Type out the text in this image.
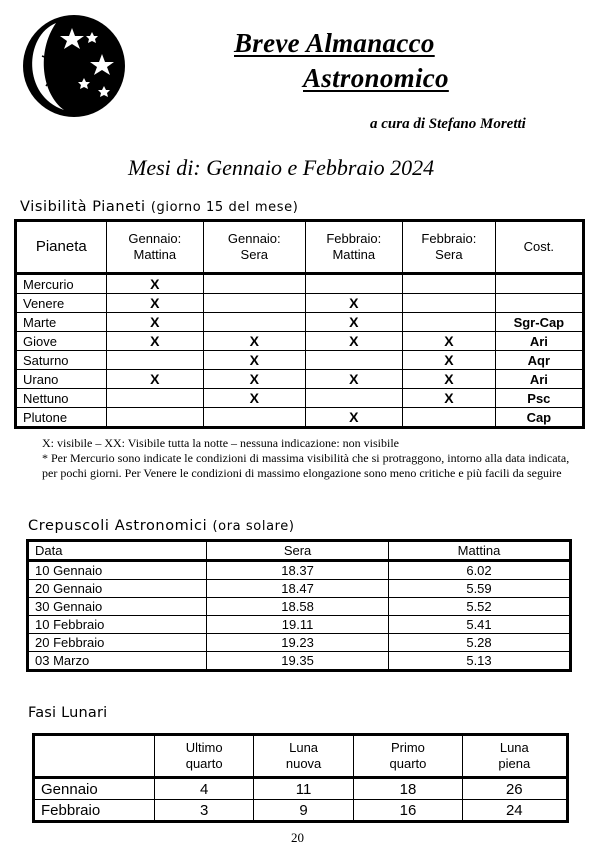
Breve Almanacco
Astronomico
a cura di Stefano Moretti
Mesi di: Gennaio e Febbraio 2024
Visibilità Pianeti (giorno 15 del mese)
Pianeta	Gennaio: Mattina	Gennaio: Sera	Febbraio: Mattina	Febbraio: Sera	Cost.
Mercurio	X				
Venere	X		X		
Marte	X		X		Sgr-Cap
Giove	X	X	X	X	Ari
Saturno		X		X	Aqr
Urano	X	X	X	X	Ari
Nettuno		X		X	Psc
Plutone			X		Cap
X: visibile – XX: Visibile tutta la notte – nessuna indicazione: non visibile
* Per Mercurio sono indicate le condizioni di massima visibilità che si protraggono, intorno alla data indicata, per pochi giorni. Per Venere le condizioni di massimo elongazione sono meno critiche e più facili da seguire
Crepuscoli Astronomici (ora solare)
Data	Sera	Mattina
10 Gennaio	18.37	6.02
20 Gennaio	18.47	5.59
30 Gennaio	18.58	5.52
10 Febbraio	19.11	5.41
20 Febbraio	19.23	5.28
03 Marzo	19.35	5.13
Fasi Lunari
	Ultimo quarto	Luna nuova	Primo quarto	Luna piena
Gennaio	4	11	18	26
Febbraio	3	9	16	24
20
